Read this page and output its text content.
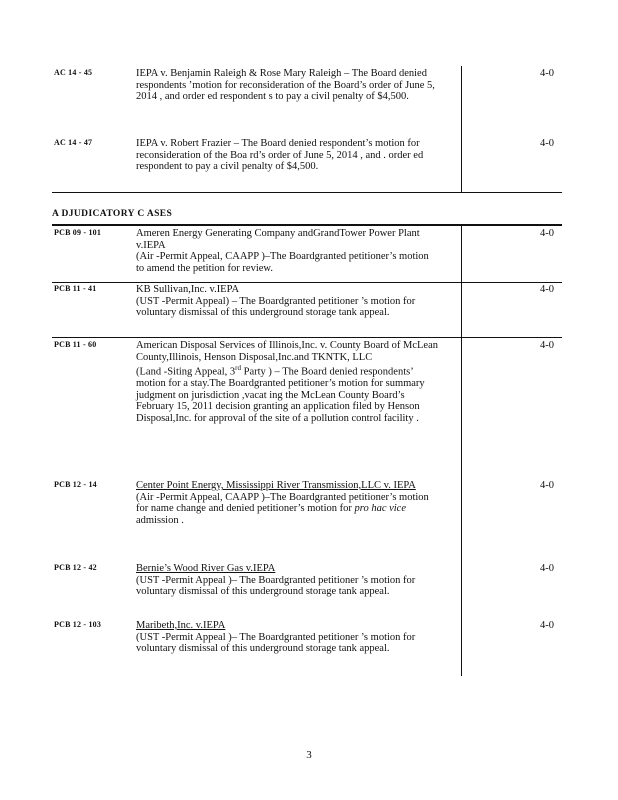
AC 14 - 45	IEPA v. Benjamin Raleigh & Rose Mary Raleigh – The Board denied respondents ’motion for reconsideration of the Board’s order of June 5, 2014 , and order ed respondent s to pay a civil penalty of $4,500.

4-0
AC 14 - 47	IEPA v. Robert Frazier – The Board denied respondent’s motion for reconsideration of the Boa rd’s order of June 5, 2014 , and . order ed respondent to pay a civil penalty of $4,500.

4-0
A DJUDICATORY C ASES
PCB 09 - 101	Ameren Energy Generating Company andGrandTower Power Plant v.IEPA

(Air -Permit Appeal, CAAPP )–The Boardgranted petitioner’s motion to amend the petition for review.

4-0
PCB 11 - 41	KB Sullivan,Inc. v.IEPA

(UST -Permit Appeal) – The Boardgranted petitioner ’s motion for voluntary dismissal of this underground storage tank appeal.

4-0
PCB 11 - 60	American Disposal Services of Illinois,Inc. v. County Board of McLean County,Illinois, Henson Disposal,Inc.and TKNTK, LLC

(Land -Siting Appeal, 3rd Party ) – The Board denied respondents’ motion for a stay.The Boardgranted petitioner’s motion for summary judgment on jurisdiction ,vacat ing the McLean County Board’s February 15, 2011 decision granting an application filed by Henson Disposal,Inc. for approval of the site of a pollution control facility .

4-0
PCB 12 - 14	Center Point Energy, Mississippi River Transmission,LLC v. IEPA

(Air -Permit Appeal, CAAPP )–The Boardgranted petitioner’s motion for name change and denied petitioner’s motion for pro hac vice admission .

4-0
PCB 12 - 42	Bernie’s Wood River Gas v.IEPA

(UST -Permit Appeal )– The Boardgranted petitioner ’s motion for voluntary dismissal of this underground storage tank appeal.

4-0
PCB 12 - 103	Maribeth,Inc. v.IEPA

(UST -Permit Appeal )– The Boardgranted petitioner ’s motion for voluntary dismissal of this underground storage tank appeal.

4-0
3
